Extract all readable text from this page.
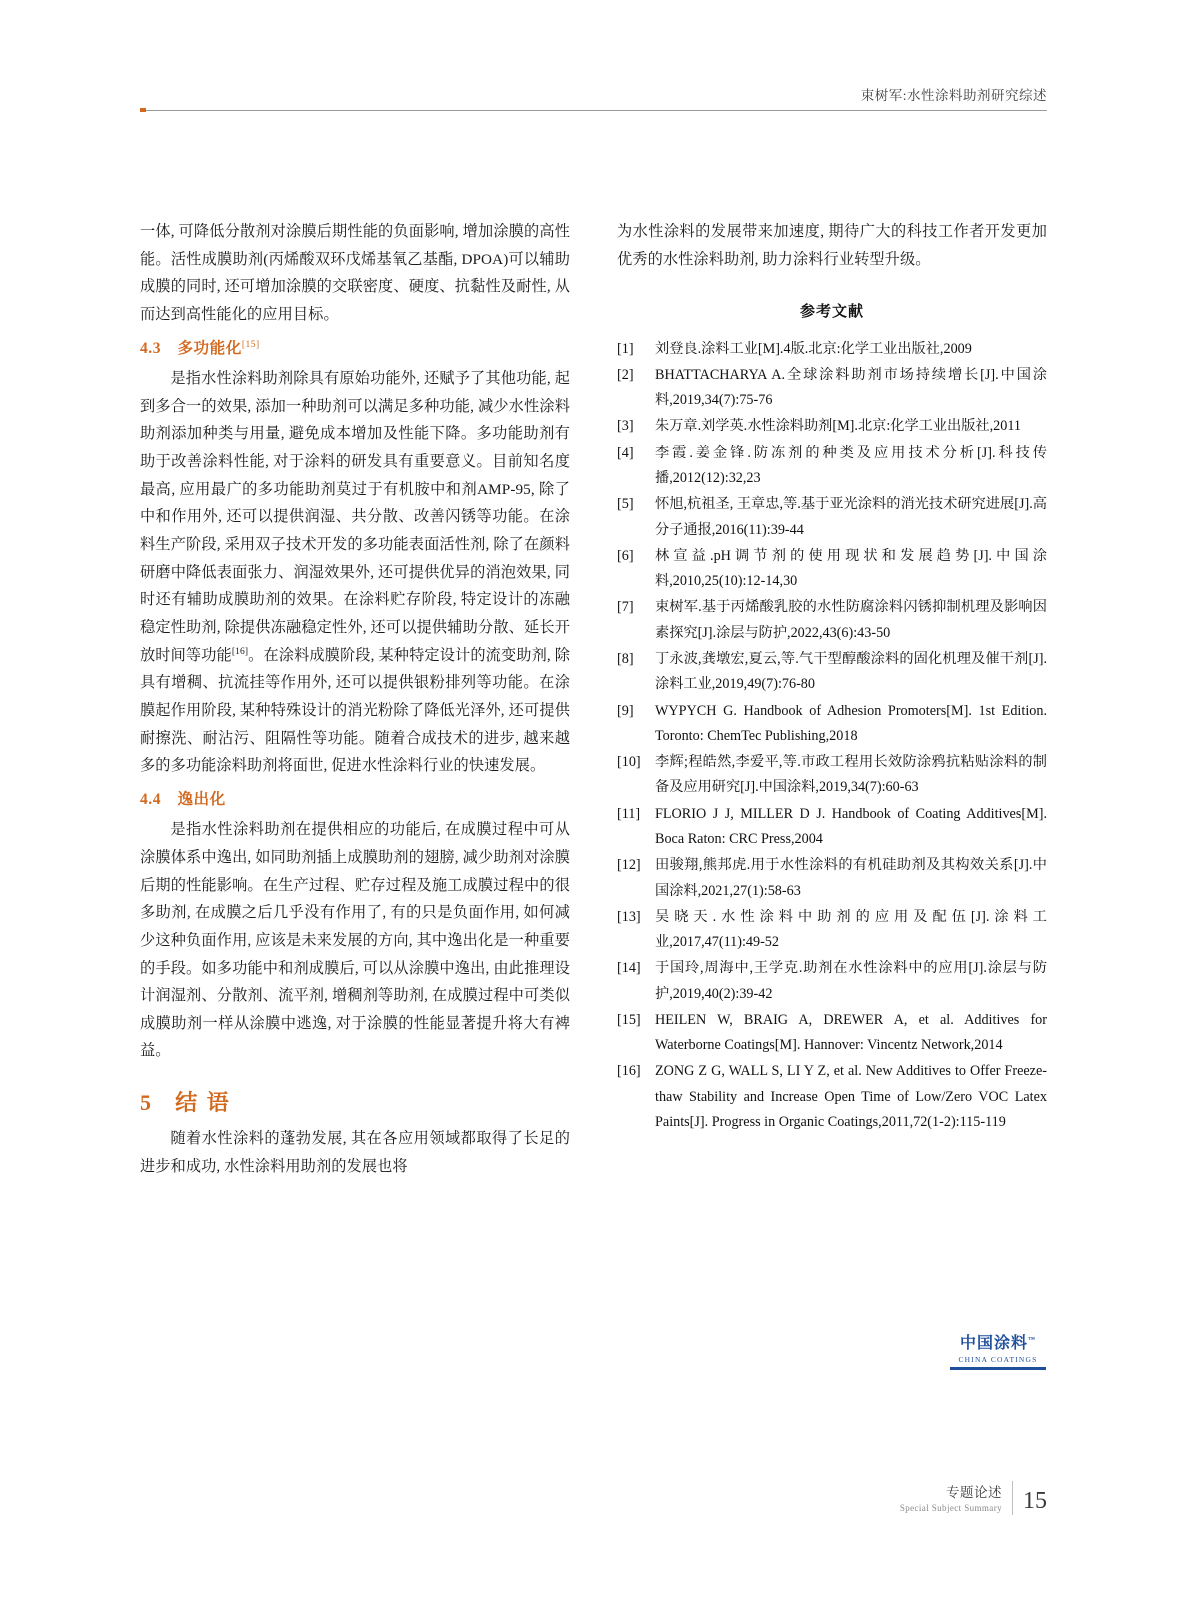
束树军:水性涂料助剂研究综述

一体, 可降低分散剂对涂膜后期性能的负面影响, 增加涂膜的高性能。活性成膜助剂(丙烯酸双环戊烯基氧乙基酯, DPOA)可以辅助成膜的同时, 还可增加涂膜的交联密度、硬度、抗黏性及耐性, 从而达到高性能化的应用目标。

4.3 多功能化[15]

是指水性涂料助剂除具有原始功能外, 还赋予了其他功能, 起到多合一的效果, 添加一种助剂可以满足多种功能, 减少水性涂料助剂添加种类与用量, 避免成本增加及性能下降。多功能助剂有助于改善涂料性能, 对于涂料的研发具有重要意义。目前知名度最高, 应用最广的多功能助剂莫过于有机胺中和剂AMP-95, 除了中和作用外, 还可以提供润湿、共分散、改善闪锈等功能。在涂料生产阶段, 采用双子技术开发的多功能表面活性剂, 除了在颜料研磨中降低表面张力、润湿效果外, 还可提供优异的消泡效果, 同时还有辅助成膜助剂的效果。在涂料贮存阶段, 特定设计的冻融稳定性助剂, 除提供冻融稳定性外, 还可以提供辅助分散、延长开放时间等功能[16]。在涂料成膜阶段, 某种特定设计的流变助剂, 除具有增稠、抗流挂等作用外, 还可以提供银粉排列等功能。在涂膜起作用阶段, 某种特殊设计的消光粉除了降低光泽外, 还可提供耐擦洗、耐沾污、阻隔性等功能。随着合成技术的进步, 越来越多的多功能涂料助剂将面世, 促进水性涂料行业的快速发展。

4.4 逸出化

是指水性涂料助剂在提供相应的功能后, 在成膜过程中可从涂膜体系中逸出, 如同助剂插上成膜助剂的翅膀, 减少助剂对涂膜后期的性能影响。在生产过程、贮存过程及施工成膜过程中的很多助剂, 在成膜之后几乎没有作用了, 有的只是负面作用, 如何减少这种负面作用, 应该是未来发展的方向, 其中逸出化是一种重要的手段。如多功能中和剂成膜后, 可以从涂膜中逸出, 由此推理设计润湿剂、分散剂、流平剂, 增稠剂等助剂, 在成膜过程中可类似成膜助剂一样从涂膜中逃逸, 对于涂膜的性能显著提升将大有裨益。

5 结 语

随着水性涂料的蓬勃发展, 其在各应用领域都取得了长足的进步和成功, 水性涂料用助剂的发展也将

为水性涂料的发展带来加速度, 期待广大的科技工作者开发更加优秀的水性涂料助剂, 助力涂料行业转型升级。

参考文献
[1]	刘登良.涂料工业[M].4版.北京:化学工业出版社,2009
[2]	BHATTACHARYA A.全球涂料助剂市场持续增长[J].中国涂料,2019,34(7):75-76
[3]	朱万章.刘学英.水性涂料助剂[M].北京:化学工业出版社,2011
[4]	李霞.姜金锋.防冻剂的种类及应用技术分析[J].科技传播,2012(12):32,23
[5]	怀旭,杭祖圣, 王章忠,等.基于亚光涂料的消光技术研究进展[J].高分子通报,2016(11):39-44
[6]	林宣益.pH调节剂的使用现状和发展趋势[J].中国涂料,2010,25(10):12-14,30
[7]	束树军.基于丙烯酸乳胶的水性防腐涂料闪锈抑制机理及影响因素探究[J].涂层与防护,2022,43(6):43-50
[8]	丁永波,龚墩宏,夏云,等.气干型醇酸涂料的固化机理及催干剂[J].涂料工业,2019,49(7):76-80
[9]	WYPYCH G. Handbook of Adhesion Promoters[M]. 1st Edition. Toronto: ChemTec Publishing,2018
[10]	李辉;程皓然,李爱平,等.市政工程用长效防涂鸦抗粘贴涂料的制备及应用研究[J].中国涂料,2019,34(7):60-63
[11]	FLORIO J J, MILLER D J. Handbook of Coating Additives[M]. Boca Raton: CRC Press,2004
[12]	田骏翔,熊邦虎.用于水性涂料的有机硅助剂及其构效关系[J].中国涂料,2021,27(1):58-63
[13]	吴晓天.水性涂料中助剂的应用及配伍[J].涂料工业,2017,47(11):49-52
[14]	于国玲,周海中,王学克.助剂在水性涂料中的应用[J].涂层与防护,2019,40(2):39-42
[15]	HEILEN W, BRAIG A, DREWER A, et al. Additives for Waterborne Coatings[M]. Hannover: Vincentz Network,2014
[16]	ZONG Z G, WALL S, LI Y Z, et al. New Additives to Offer Freeze-thaw Stability and Increase Open Time of Low/Zero VOC Latex Paints[J]. Progress in Organic Coatings,2011,72(1-2):115-119
中国涂料™
CHINA COATINGS
专题论述
Special Subject Summary 15
